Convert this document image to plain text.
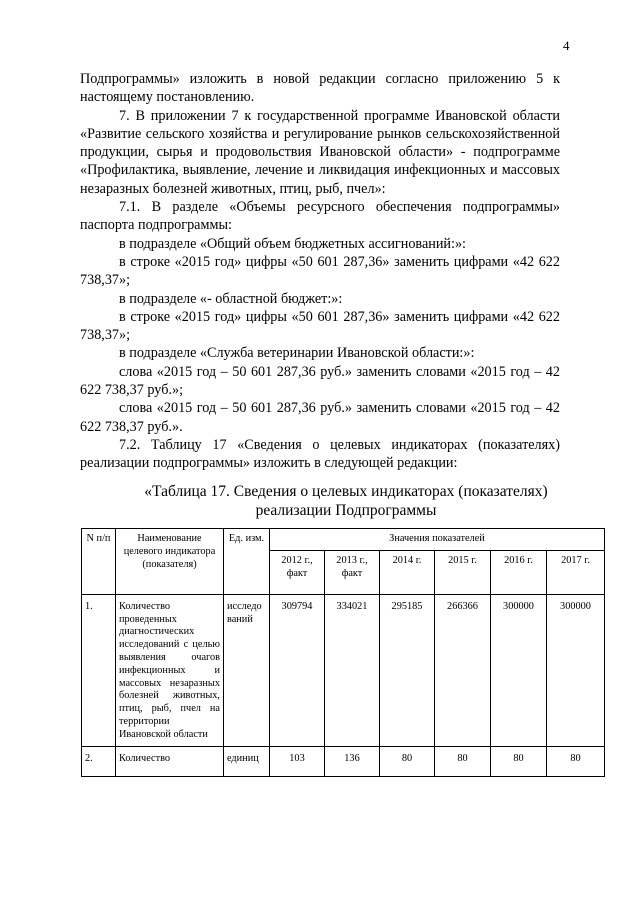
4

Подпрограммы» изложить в новой редакции согласно приложению 5 к настоящему постановлению.

7. В приложении 7 к государственной программе Ивановской области «Развитие сельского хозяйства и регулирование рынков сельскохозяйственной продукции, сырья и продовольствия Ивановской области» - подпрограмме «Профилактика, выявление, лечение и ликвидация инфекционных и массовых незаразных болезней животных, птиц, рыб, пчел»:

7.1. В разделе «Объемы ресурсного обеспечения подпрограммы» паспорта подпрограммы:

в подразделе «Общий объем бюджетных ассигнований:»:

в строке «2015 год» цифры «50 601 287,36» заменить цифрами «42 622 738,37»;

в подразделе «- областной бюджет:»:

в строке «2015 год» цифры «50 601 287,36» заменить цифрами «42 622 738,37»;

в подразделе «Служба ветеринарии Ивановской области:»:

слова «2015 год – 50 601 287,36 руб.» заменить словами «2015 год – 42 622 738,37 руб.»;

слова «2015 год – 50 601 287,36 руб.» заменить словами «2015 год – 42 622 738,37 руб.».

7.2. Таблицу 17 «Сведения о целевых индикаторах (показателях) реализации подпрограммы» изложить в следующей редакции:

«Таблица 17. Сведения о целевых индикаторах (показателях)
реализации Подпрограммы
N п/п	Наименование целевого индикатора (показателя)	Ед. изм.	Значения показателей					
			2012 г., факт	2013 г., факт	2014 г.	2015 г.	2016 г.	2017 г.
1.	Количество проведенных диагностических исследований с целью выявления очагов инфекционных и массовых незаразных болезней животных, птиц, рыб, пчел на территории Ивановской области	исследований	309794	334021	295185	266366	300000	300000
2.	Количество	единиц	103	136	80	80	80	80
